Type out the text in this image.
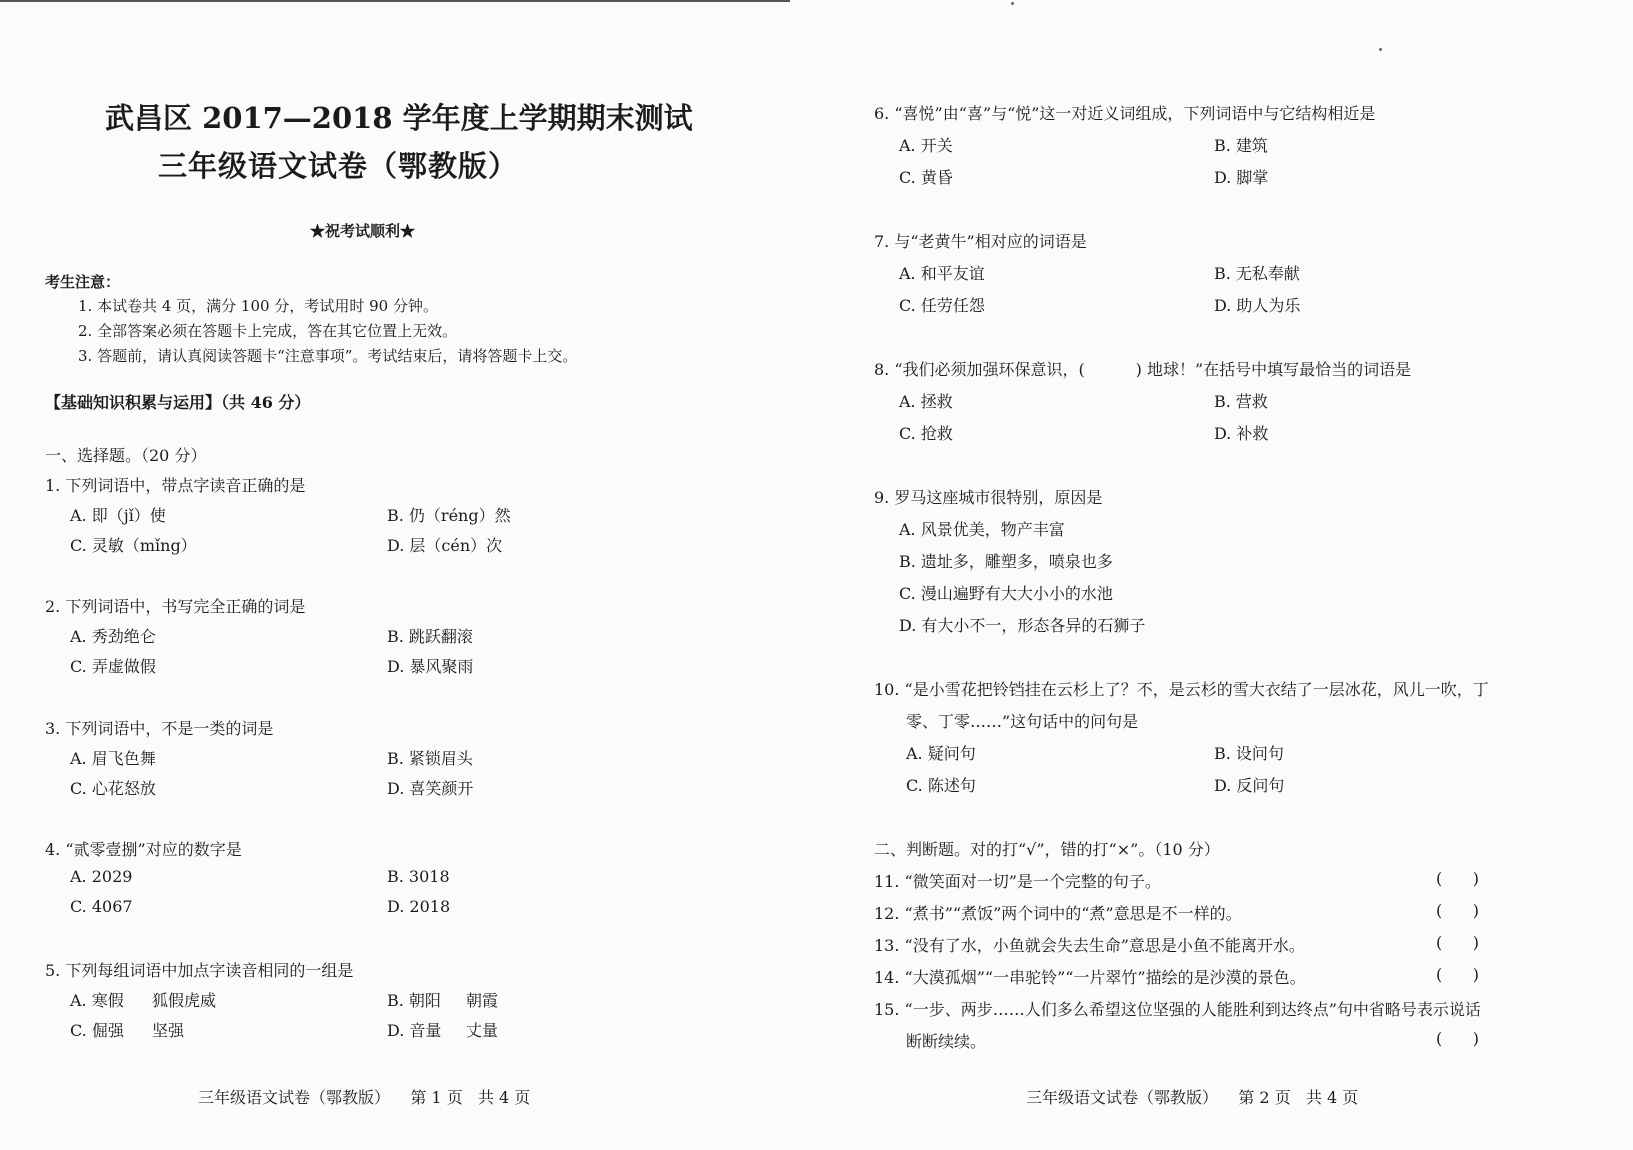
武昌区 2017—2018 学年度上学期期末测试
三年级语文试卷（鄂教版）
★祝考试顺利★
考生注意：
1. 本试卷共 4 页，满分 100 分，考试用时 90 分钟。
2. 全部答案必须在答题卡上完成，答在其它位置上无效。
3. 答题前，请认真阅读答题卡“注意事项”。考试结束后，请将答题卡上交。
【基础知识积累与运用】（共 46 分）
一、选择题。（20 分）
1. 下列词语中，带点字读音正确的是
A. 即（jǐ）使	B. 仍（réng）然
C. 灵敏（mǐng）	D. 层（cén）次
2. 下列词语中，书写完全正确的词是
A. 秀劲绝仑	B. 跳跃翻滚
C. 弄虚做假	D. 暴风聚雨
3. 下列词语中，不是一类的词是
A. 眉飞色舞	B. 紧锁眉头
C. 心花怒放	D. 喜笑颜开
4. “贰零壹捌”对应的数字是
A. 2029	B. 3018
C. 4067	D. 2018
5. 下列每组词语中加点字读音相同的一组是
A. 寒假 狐假虎威	B. 朝阳 朝霞
C. 倔强 坚强	D. 音量 丈量
三年级语文试卷（鄂教版）    第 1 页   共 4 页
6. “喜悦”由“喜”与“悦”这一对近义词组成，下列词语中与它结构相近是
A. 开关	B. 建筑
C. 黄昏	D. 脚掌
7. 与“老黄牛”相对应的词语是
A. 和平友谊	B. 无私奉献
C. 任劳任怨	D. 助人为乐
8. “我们必须加强环保意识，(          ) 地球！”在括号中填写最恰当的词语是
A. 拯救	B. 营救
C. 抢救	D. 补救
9. 罗马这座城市很特别，原因是
A. 风景优美，物产丰富
B. 遗址多，雕塑多，喷泉也多
C. 漫山遍野有大大小小的水池
D. 有大小不一，形态各异的石狮子
10. “是小雪花把铃铛挂在云杉上了？不，是云杉的雪大衣结了一层冰花，风儿一吹，丁
零、丁零……”这句话中的问句是
A. 疑问句	B. 设问句
C. 陈述句	D. 反问句
二、判断题。对的打“√”，错的打“×”。（10 分）
11. “微笑面对一切”是一个完整的句子。	(      )
12. “煮书”“煮饭”两个词中的“煮”意思是不一样的。	(      )
13. “没有了水，小鱼就会失去生命”意思是小鱼不能离开水。	(      )
14. “大漠孤烟”“一串驼铃”“一片翠竹”描绘的是沙漠的景色。	(      )
15. “一步、两步……人们多么希望这位坚强的人能胜利到达终点”句中省略号表示说话
断断续续。	(      )
三年级语文试卷（鄂教版）    第 2 页   共 4 页
